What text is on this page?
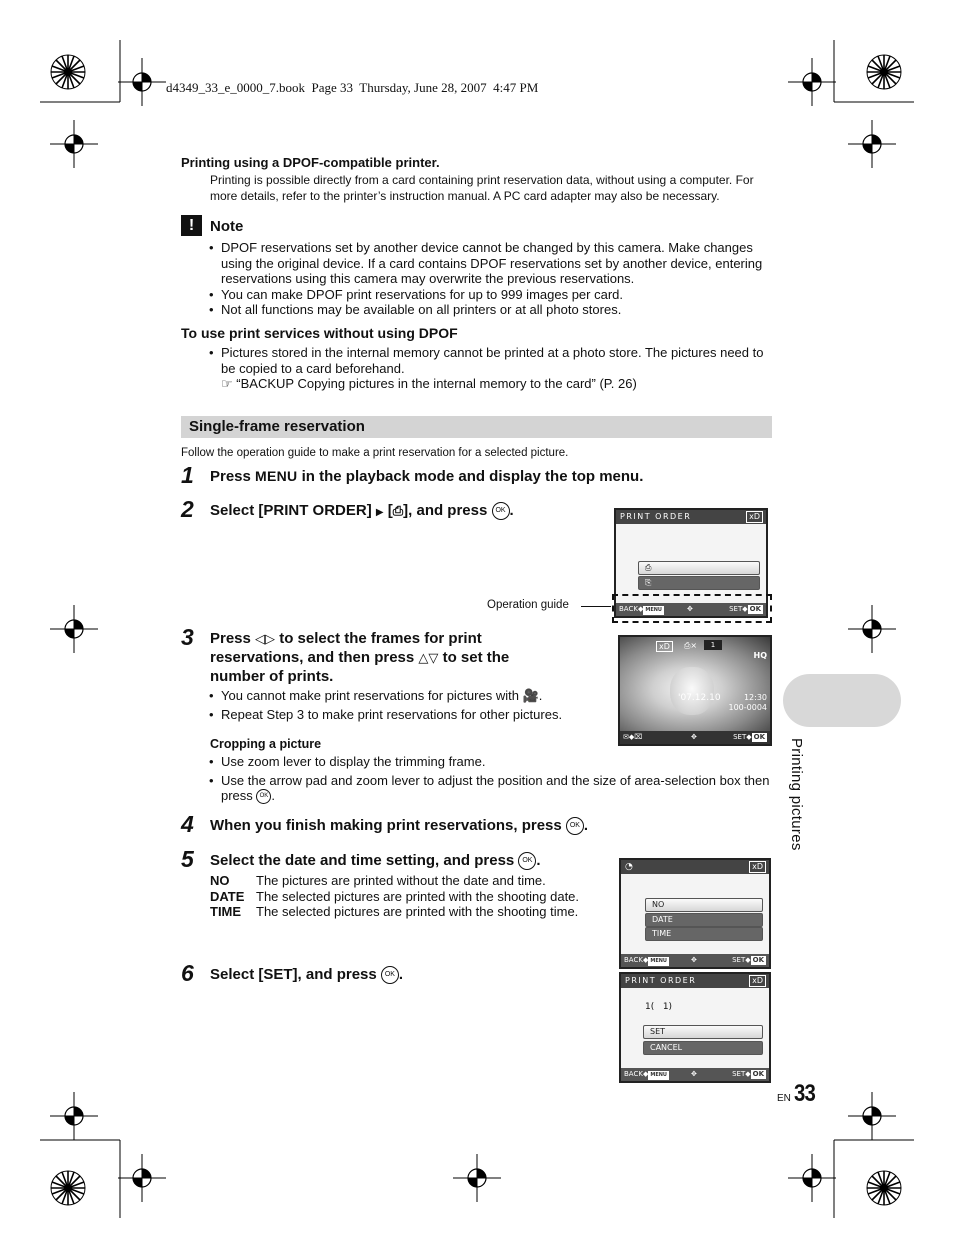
d4349_33_e_0000_7.book  Page 33  Thursday, June 28, 2007  4:47 PM
Printing using a DPOF-compatible printer.
Printing is possible directly from a card containing print reservation data, without using a computer. For more details, refer to the printer’s instruction manual. A PC card adapter may also be necessary.
!	Note
• DPOF reservations set by another device cannot be changed by this camera. Make changes using the original device. If a card contains DPOF reservations set by another device, entering reservations using this camera may overwrite the previous reservations.
• You can make DPOF print reservations for up to 999 images per card.
• Not all functions may be available on all printers or at all photo stores.
To use print services without using DPOF
• Pictures stored in the internal memory cannot be printed at a photo store. The pictures need to be copied to a card beforehand.
☞ “BACKUP Copying pictures in the internal memory to the card” (P. 26)
Single-frame reservation
Follow the operation guide to make a print reservation for a selected picture.
1 Press MENU in the playback mode and display the top menu.
2 Select [PRINT ORDER] ▶ [⎙], and press OK .	PRINT ORDER	xD
⎙
⎘
BACK◆ MENU	✥	SET◆ OK
Operation guide
3 Press ◁▷ to select the frames for print
reservations, and then press △▽ to set the
number of prints.
• You cannot make print reservations for pictures with 🎥.
• Repeat Step 3 to make print reservations for other pictures.
xD	⎙×	1
HQ
'07.12.10	12:30
100-0004
✉◆⌧	✥	SET◆ OK
Cropping a picture
• Use zoom lever to display the trimming frame.
• Use the arrow pad and zoom lever to adjust the position and the size of area-selection box then press OK .
4 When you finish making print reservations, press OK .
5 Select the date and time setting, and press OK .
NO	The pictures are printed without the date and time.
DATE The selected pictures are printed with the shooting date.
TIME	The selected pictures are printed with the shooting time.
◔	xD
NO
DATE
TIME
BACK◆ MENU	✥	SET◆ OK
6 Select [SET], and press OK .	PRINT ORDER	xD
1(   1)
SET
CANCEL
BACK◆ MENU	✥	SET◆ OK
Printing pictures
EN 33
